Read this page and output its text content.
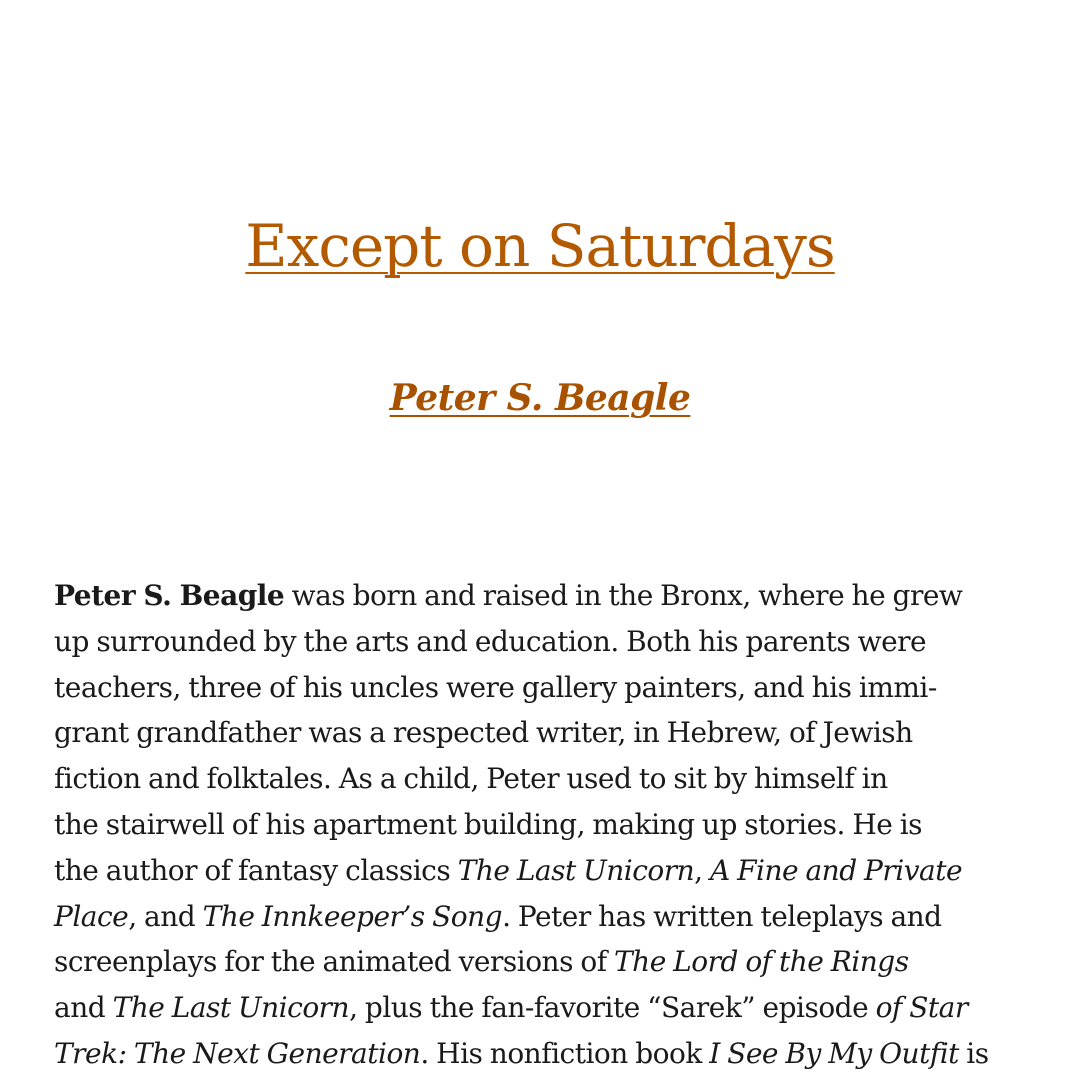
Except on Saturdays
Peter S. Beagle

Peter S. Beagle was born and raised in the Bronx, where he grew
up surrounded by the arts and education. Both his parents were
teachers, three of his uncles were gallery painters, and his immi-
grant grandfather was a respected writer, in Hebrew, of Jewish
fiction and folktales. As a child, Peter used to sit by himself in
the stairwell of his apartment building, making up stories. He is
the author of fantasy classics The Last Unicorn, A Fine and Private
Place, and The Innkeeper’s Song. Peter has written teleplays and
screenplays for the animated versions of The Lord of the Rings
and The Last Unicorn, plus the fan-favorite “Sarek” episode of Star
Trek: The Next Generation. His nonfiction book I See By My Outfit is
